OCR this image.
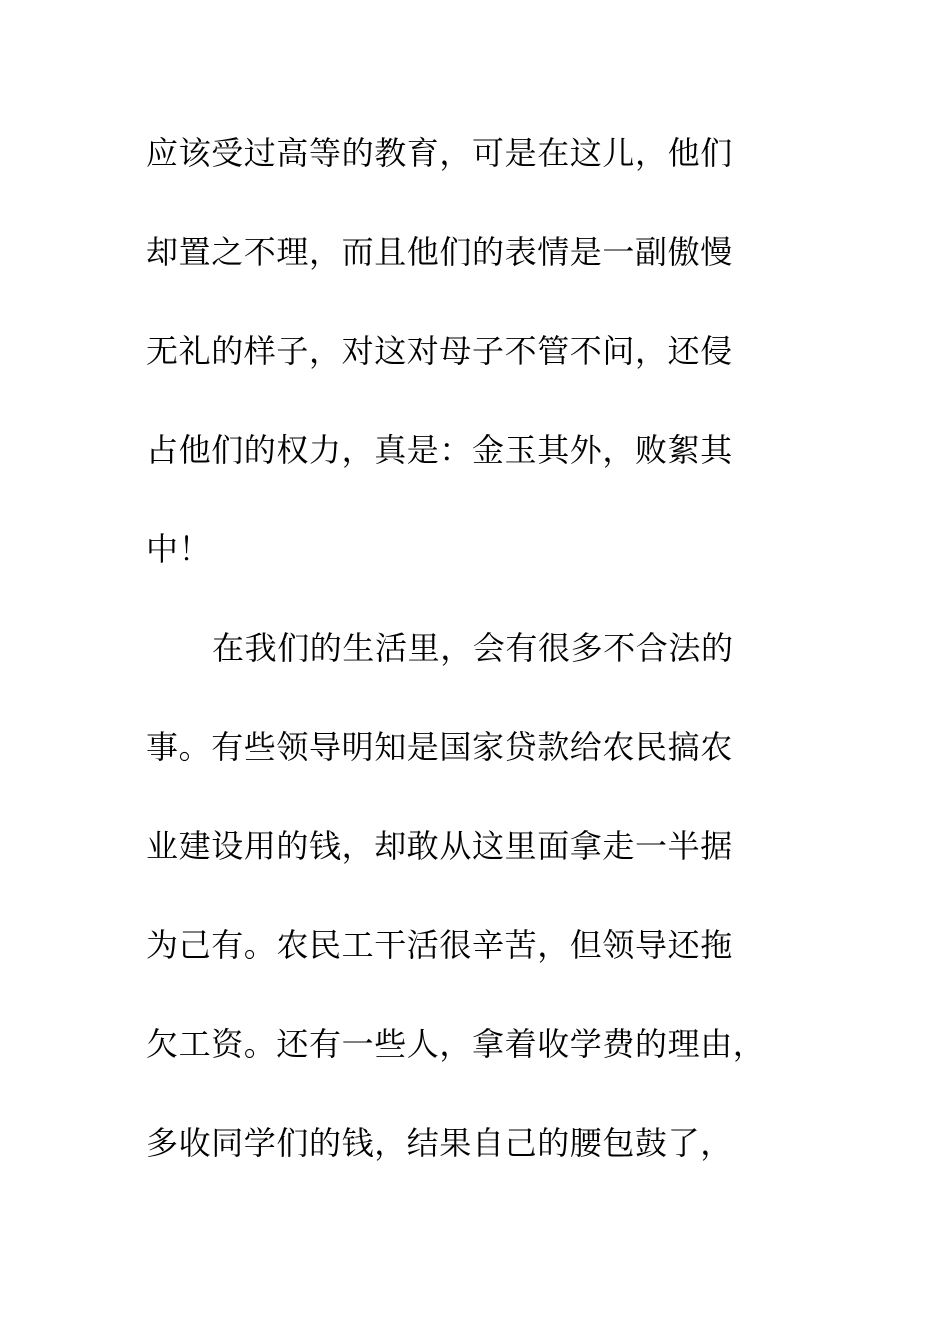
应该受过高等的教育，可是在这儿，他们
却置之不理，而且他们的表情是一副傲慢
无礼的样子，对这对母子不管不问，还侵
占他们的权力，真是：金玉其外，败絮其
中！
在我们的生活里，会有很多不合法的
事。有些领导明知是国家贷款给农民搞农
业建设用的钱，却敢从这里面拿走一半据
为己有。农民工干活很辛苦，但领导还拖
欠工资。还有一些人，拿着收学费的理由，
多收同学们的钱，结果自己的腰包鼓了，
